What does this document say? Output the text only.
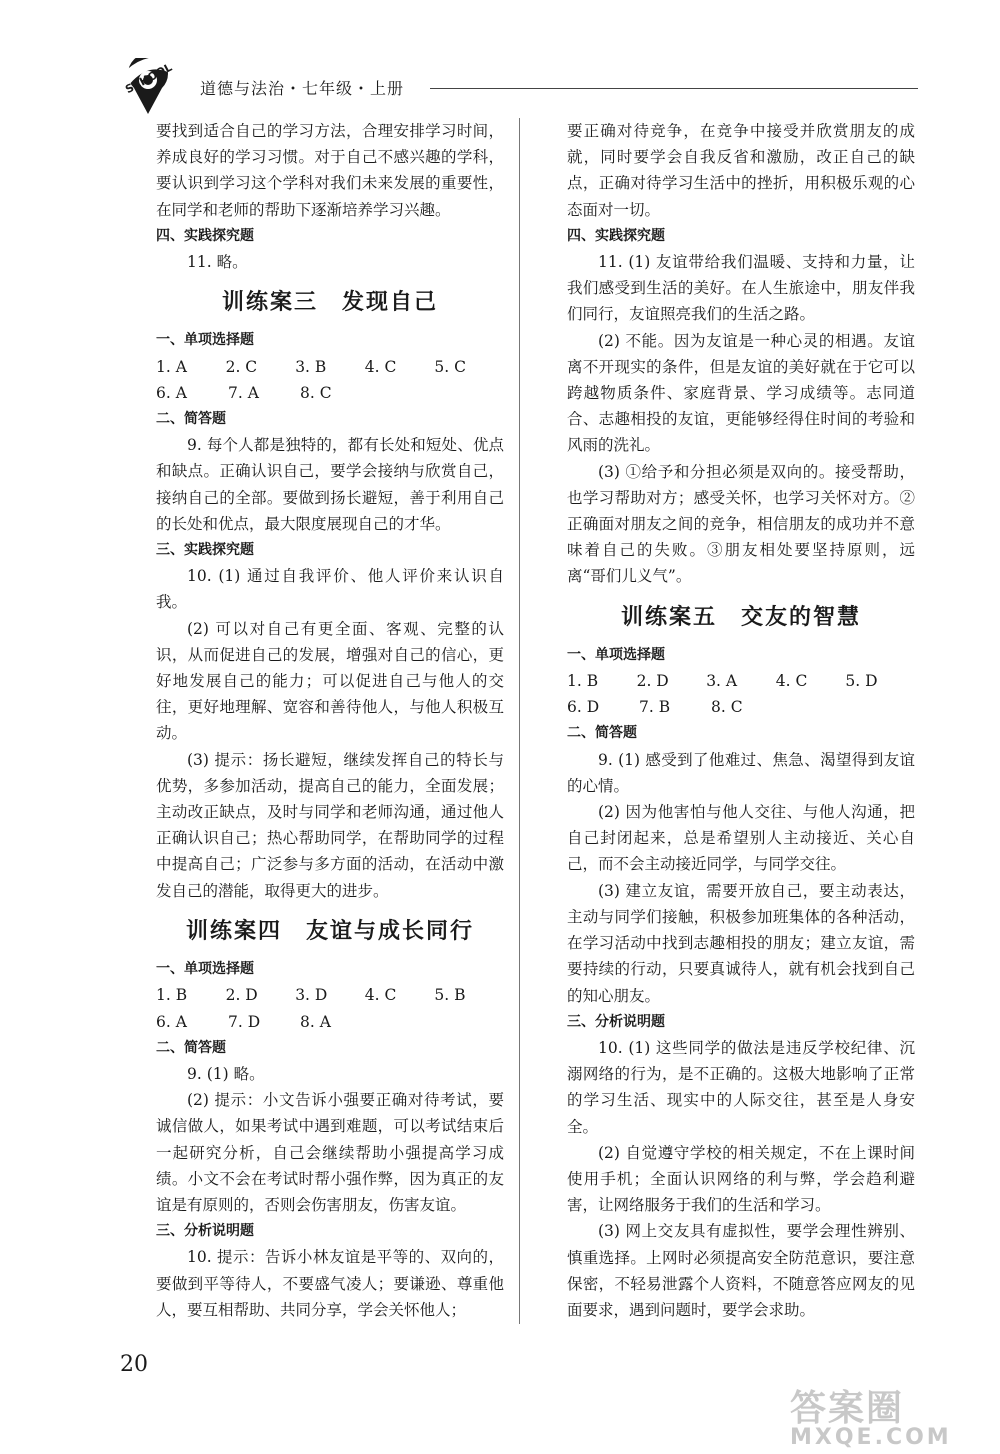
SCHOOL 道德与法治・七年级・上册

要找到适合自己的学习方法，合理安排学习时间，养成良好的学习习惯。对于自己不感兴趣的学科，要认识到学习这个学科对我们未来发展的重要性，在同学和老师的帮助下逐渐培养学习兴趣。

四、实践探究题

11. 略。

训练案三 发现自己

一、单项选择题

1. A	2. C	3. B	4. C	5. C
6. A	7. A	8. C

二、简答题

9. 每个人都是独特的，都有长处和短处、优点和缺点。正确认识自己，要学会接纳与欣赏自己，接纳自己的全部。要做到扬长避短，善于利用自己的长处和优点，最大限度展现自己的才华。

三、实践探究题

10. (1) 通过自我评价、他人评价来认识自我。

(2) 可以对自己有更全面、客观、完整的认识，从而促进自己的发展，增强对自己的信心，更好地发展自己的能力；可以促进自己与他人的交往，更好地理解、宽容和善待他人，与他人积极互动。

(3) 提示：扬长避短，继续发挥自己的特长与优势，多参加活动，提高自己的能力，全面发展；主动改正缺点，及时与同学和老师沟通，通过他人正确认识自己；热心帮助同学，在帮助同学的过程中提高自己；广泛参与多方面的活动，在活动中激发自己的潜能，取得更大的进步。

训练案四 友谊与成长同行

一、单项选择题

1. B	2. D	3. D	4. C	5. B
6. A	7. D	8. A

二、简答题

9. (1) 略。

(2) 提示：小文告诉小强要正确对待考试，要诚信做人，如果考试中遇到难题，可以考试结束后一起研究分析，自己会继续帮助小强提高学习成绩。小文不会在考试时帮小强作弊，因为真正的友谊是有原则的，否则会伤害朋友，伤害友谊。

三、分析说明题

10. 提示：告诉小林友谊是平等的、双向的，要做到平等待人，不要盛气凌人；要谦逊、尊重他人，要互相帮助、共同分享，学会关怀他人；

要正确对待竞争，在竞争中接受并欣赏朋友的成就，同时要学会自我反省和激励，改正自己的缺点，正确对待学习生活中的挫折，用积极乐观的心态面对一切。

四、实践探究题

11. (1) 友谊带给我们温暖、支持和力量，让我们感受到生活的美好。在人生旅途中，朋友伴我们同行，友谊照亮我们的生活之路。

(2) 不能。因为友谊是一种心灵的相遇。友谊离不开现实的条件，但是友谊的美好就在于它可以跨越物质条件、家庭背景、学习成绩等。志同道合、志趣相投的友谊，更能够经得住时间的考验和风雨的洗礼。

(3) ①给予和分担必须是双向的。接受帮助，也学习帮助对方；感受关怀，也学习关怀对方。②正确面对朋友之间的竞争，相信朋友的成功并不意味着自己的失败。③朋友相处要坚持原则，远离“哥们儿义气”。

训练案五 交友的智慧

一、单项选择题

1. B	2. D	3. A	4. C	5. D
6. D	7. B	8. C

二、简答题

9. (1) 感受到了他难过、焦急、渴望得到友谊的心情。

(2) 因为他害怕与他人交往、与他人沟通，把自己封闭起来，总是希望别人主动接近、关心自己，而不会主动接近同学，与同学交往。

(3) 建立友谊，需要开放自己，要主动表达，主动与同学们接触，积极参加班集体的各种活动，在学习活动中找到志趣相投的朋友；建立友谊，需要持续的行动，只要真诚待人，就有机会找到自己的知心朋友。

三、分析说明题

10. (1) 这些同学的做法是违反学校纪律、沉溺网络的行为，是不正确的。这极大地影响了正常的学习生活、现实中的人际交往，甚至是人身安全。

(2) 自觉遵守学校的相关规定，不在上课时间使用手机；全面认识网络的利与弊，学会趋利避害，让网络服务于我们的生活和学习。

(3) 网上交友具有虚拟性，要学会理性辨别、慎重选择。上网时必须提高安全防范意识，要注意保密，不轻易泄露个人资料，不随意答应网友的见面要求，遇到问题时，要学会求助。

20
答案圈
MXQE.COM
